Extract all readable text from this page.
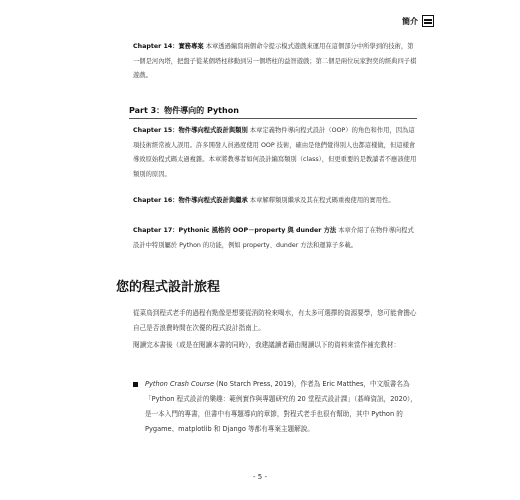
簡介
Chapter 14：實務專案 本章透過編寫兩個命令提示模式遊戲來運用在這個部分中所學到的技術，第一個是河內塔，把盤子從某個塔柱移動到另一個塔柱的益智遊戲；第二個是兩位玩家對奕的經典四子棋遊戲。
Part 3：物件導向的 Python
Chapter 15：物件導向程式設計與類別 本章定義物件導向程式設計（OOP）的角色和作用，因為這項技術經常被人誤用。許多開發人員過度使用 OOP 技術，確由是他們覺得別人也都這樣做，但這樣會導致原始程式碼太過複雜。本章將教導者如何設計編寫類別（class），但更重要的是教讀者不應該使用類別的原因。
Chapter 16：物件導向程式設計與繼承 本章解釋類別繼承及其在程式碼重複使用的實用性。
Chapter 17：Pythonic 風格的 OOP－property 與 dunder 方法 本章介紹了在物件導向程式設計中特別屬於 Python 的功能，例如 property、dunder 方法和運算子多載。
您的程式設計旅程
從菜鳥到程式老手的過程有點像是想要從消防栓來喝水，有太多可選擇的資源要學，您可能會擔心自己是否浪費時間在次優的程式設計指南上。
閱讀完本書後（或是在閱讀本書的同時），我建議讀者藉由閱讀以下的資料來當作補充教材：
Python Crash Course (No Starch Press, 2019)，作者為 Eric Matthes，中文版書名為「Python 程式設計的樂趣：範例實作與專題研究的 20 堂程式設計課」（碁峰資訊，2020），是一本入門的專書，但書中有專題導向的章節，對程式老手也很有幫助，其中 Python 的 Pygame、matplotlib 和 Django 等都有專案主題解說。
- 5 -
